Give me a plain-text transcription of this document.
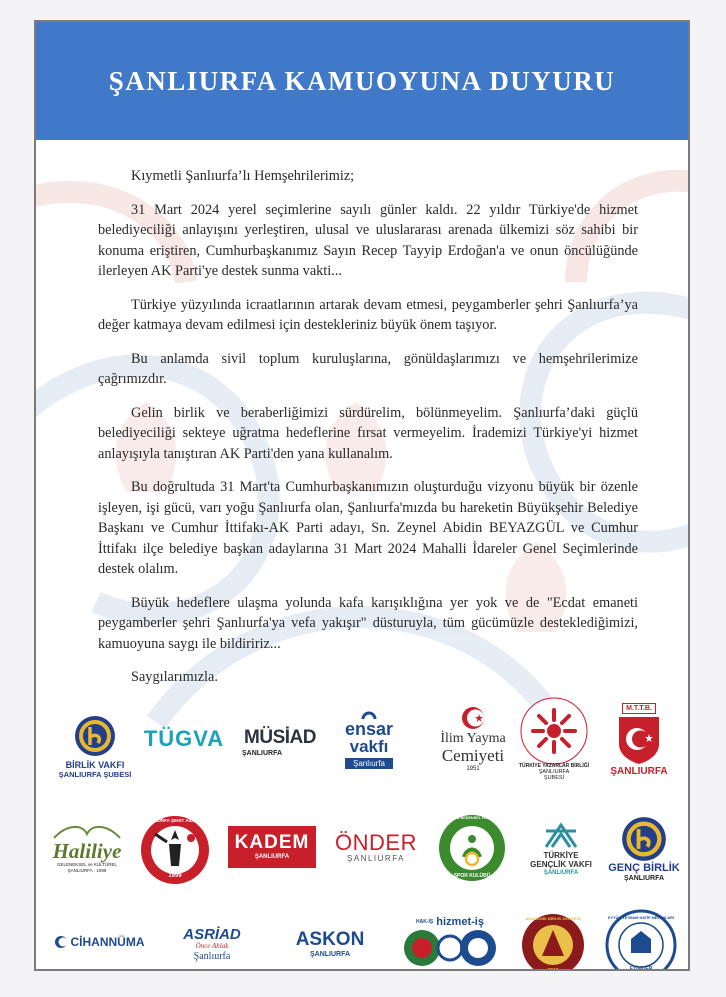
ŞANLIURFA KAMUOYUNA DUYURU

Kıymetli Şanlıurfa’lı Hemşehrilerimiz;

31 Mart 2024 yerel seçimlerine sayılı günler kaldı. 22 yıldır Türkiye'de hizmet belediyeciliği anlayışını yerleştiren, ulusal ve uluslararası arenada ülkemizi söz sahibi bir konuma eriştiren, Cumhurbaşkanımız Sayın Recep Tayyip Erdoğan'a ve onun öncülüğünde ilerleyen AK Parti'ye destek sunma vakti...

Türkiye yüzyılında icraatlarının artarak devam etmesi, peygamberler şehri Şanlıurfa’ya değer katmaya devam edilmesi için destekleriniz büyük önem taşıyor.

Bu anlamda sivil toplum kuruluşlarına, gönüldaşlarımızı ve hemşehrilerimize çağrımızdır.

Gelin birlik ve beraberliğimizi sürdürelim, bölünmeyelim. Şanlıurfa’daki güçlü belediyeciliği sekteye uğratma hedeflerine fırsat vermeyelim. İrademizi Türkiye'yi hizmet anlayışıyla tanıştıran AK Parti'den yana kullanalım.

Bu doğrultuda 31 Mart'ta Cumhurbaşkanımızın oluşturduğu vizyonu büyük bir özenle işleyen, işi gücü, varı yoğu Şanlıurfa olan, Şanlıurfa'mızda bu hareketin Büyükşehir Belediye Başkanı ve Cumhur İttifakı-AK Parti adayı, Sn. Zeynel Abidin BEYAZGÜL ve Cumhur İttifakı ilçe belediye başkan adaylarına 31 Mart 2024 Mahalli İdareler Genel Seçimlerinde destek olalım.

Büyük hedeflere ulaşma yolunda kafa karışıklığına yer yok ve de "Ecdat emaneti peygamberler şehri Şanlıurfa'ya vefa yakışır" düsturuyla, tüm gücümüzle desteklediğimizi, kamuoyuna saygı ile bildiririz...

Saygılarımızla.

BİRLİK VAKFI
ŞANLIURFA ŞUBESİ
TÜGVA MÜSİAD
ŞANLIURFA
ensar
vakfı
Şanlıurfa
İlim Yayma
Cemiyeti
1951	TÜRKİYE YAZARLAR BİRLİĞİ
ŞANLIURFA
ŞUBESİ
M.T.T.B.
ŞANLIURFA
Haliliye
GELENEKSEL ve KÜLTÜREL
ŞANLIURFA · 1999
ŞANLIURFA ŞEHİT AİLELERİ
1999
KADEM
ŞANLIURFA
ÖNDER
ŞANLIURFA
ŞANLIURFA BEDENSEL ENGELLİLER
SPOR KULÜBÜ
TÜRKİYE
GENÇLİK VAKFI
ŞANLIURFA	GENÇ BİRLİK
ŞANLIURFA
CİHANNÜMA	ASRİAD
Önce Ahlak
Şanlıurfa
ASKON
ŞANLIURFA
HAK-İŞ hizmet-iş	AKADEMİK BİRLİK DERNEĞİ
2019
EYYÜBİYE İMAM HATİP MEZUNLARI
EYİMDER
